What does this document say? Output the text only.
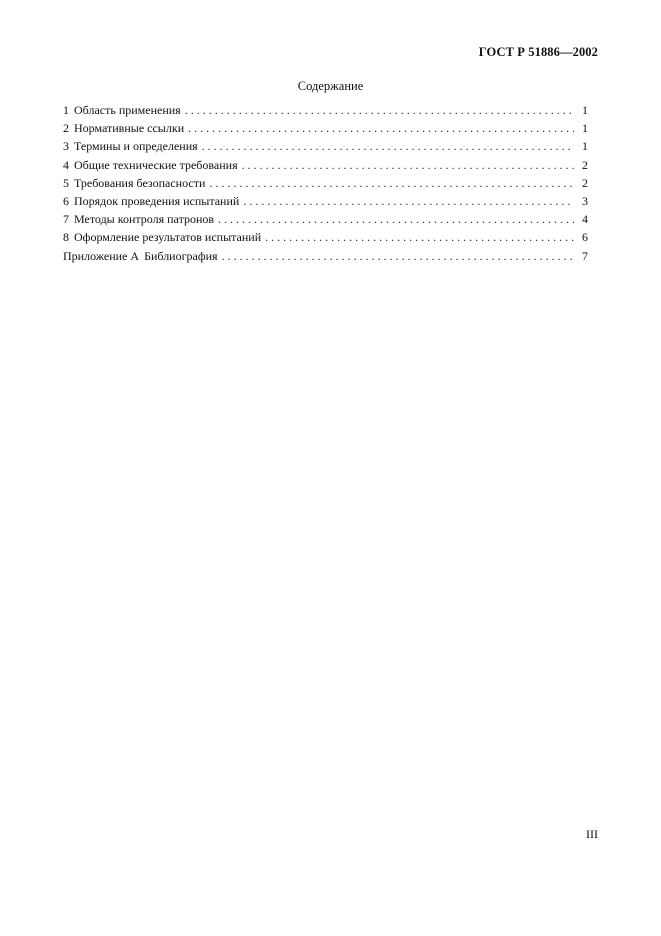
ГОСТ Р 51886—2002
Содержание
1 Область применения . . .	1
2 Нормативные ссылки . . .	1
3 Термины и определения . . .	1
4 Общие технические требования . . .	2
5 Требования безопасности . . .	2
6 Порядок проведения испытаний . . .	3
7 Методы контроля патронов . . .	4
8 Оформление результатов испытаний . . .	6
Приложение А Библиография . . .	7
III
